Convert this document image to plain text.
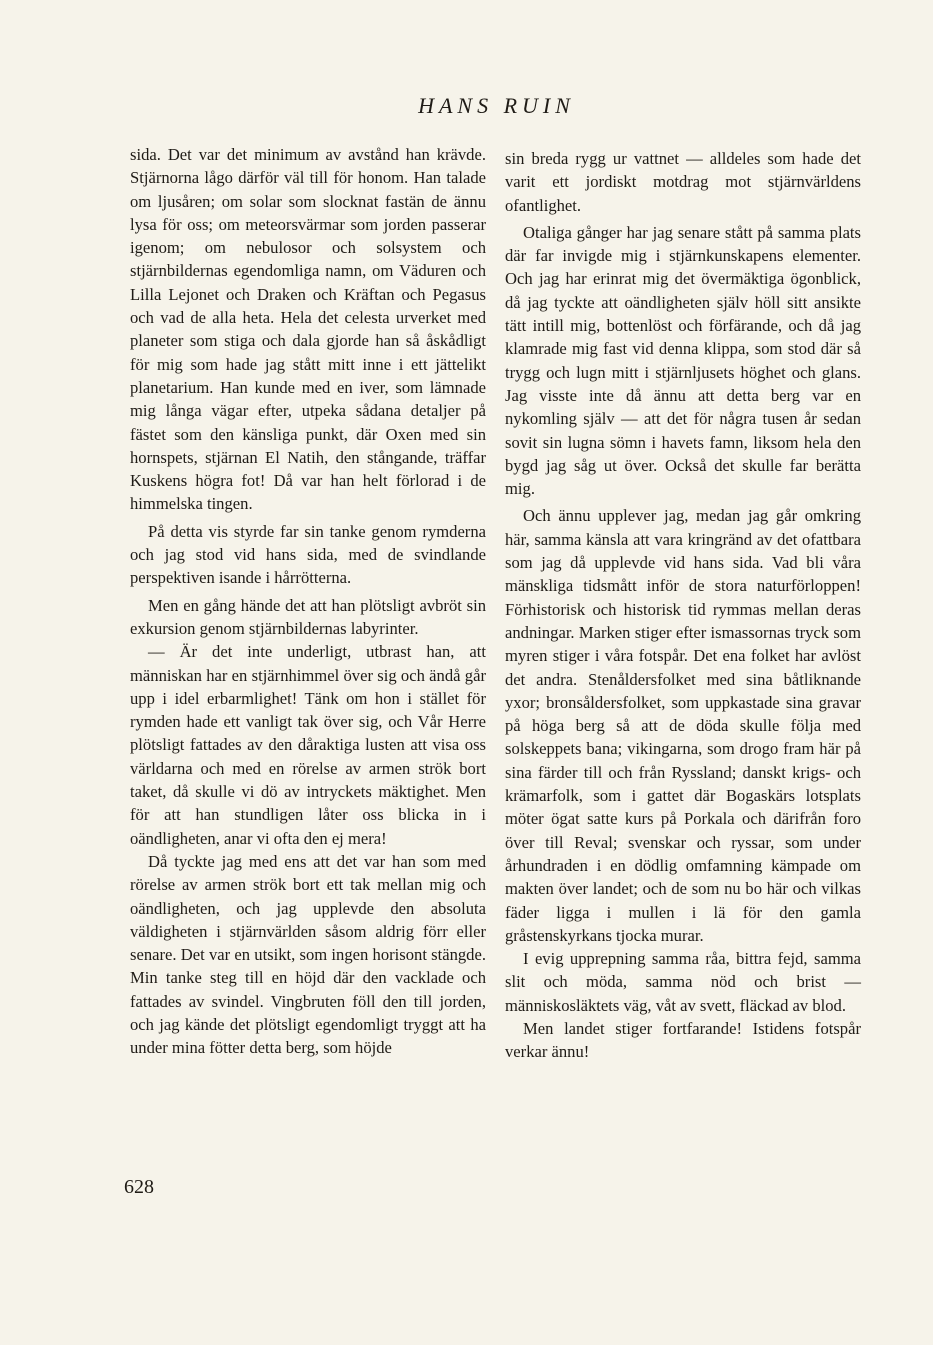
HANS RUIN

sida. Det var det minimum av avstånd han krävde. Stjärnorna lågo därför väl till för honom. Han talade om ljusåren; om solar som slocknat fastän de ännu lysa för oss; om meteorsvärmar som jorden passerar igenom; om nebulosor och solsystem och stjärnbildernas egendomliga namn, om Väduren och Lilla Lejonet och Draken och Kräftan och Pegasus och vad de alla heta. Hela det celesta urverket med planeter som stiga och dala gjorde han så åskådligt för mig som hade jag stått mitt inne i ett jättelikt planetarium. Han kunde med en iver, som lämnade mig långa vägar efter, utpeka sådana detaljer på fästet som den känsliga punkt, där Oxen med sin hornspets, stjärnan El Natih, den stångande, träffar Kuskens högra fot! Då var han helt förlorad i de himmelska tingen.

På detta vis styrde far sin tanke genom rymderna och jag stod vid hans sida, med de svindlande perspektiven isande i hårrötterna.

Men en gång hände det att han plötsligt avbröt sin exkursion genom stjärnbildernas labyrinter.

— Är det inte underligt, utbrast han, att människan har en stjärnhimmel över sig och ändå går upp i idel erbarmlighet! Tänk om hon i stället för rymden hade ett vanligt tak över sig, och Vår Herre plötsligt fattades av den dåraktiga lusten att visa oss världarna och med en rörelse av armen strök bort taket, då skulle vi dö av intryckets mäktighet. Men för att han stundligen låter oss blicka in i oändligheten, anar vi ofta den ej mera!

Då tyckte jag med ens att det var han som med rörelse av armen strök bort ett tak mellan mig och oändligheten, och jag upplevde den absoluta väldigheten i stjärnvärlden såsom aldrig förr eller senare. Det var en utsikt, som ingen horisont stängde. Min tanke steg till en höjd där den vacklade och fattades av svindel. Vingbruten föll den till jorden, och jag kände det plötsligt egendomligt tryggt att ha under mina fötter detta berg, som höjde

sin breda rygg ur vattnet — alldeles som hade det varit ett jordiskt motdrag mot stjärnvärldens ofantlighet.

Otaliga gånger har jag senare stått på samma plats där far invigde mig i stjärnkunskapens elementer. Och jag har erinrat mig det övermäktiga ögonblick, då jag tyckte att oändligheten själv höll sitt ansikte tätt intill mig, bottenlöst och förfärande, och då jag klamrade mig fast vid denna klippa, som stod där så trygg och lugn mitt i stjärnljusets höghet och glans. Jag visste inte då ännu att detta berg var en nykomling själv — att det för några tusen år sedan sovit sin lugna sömn i havets famn, liksom hela den bygd jag såg ut över. Också det skulle far berätta mig.

Och ännu upplever jag, medan jag går omkring här, samma känsla att vara kringränd av det ofattbara som jag då upplevde vid hans sida. Vad bli våra mänskliga tidsmått inför de stora naturförloppen! Förhistorisk och historisk tid rymmas mellan deras andningar. Marken stiger efter ismassornas tryck som myren stiger i våra fotspår. Det ena folket har avlöst det andra. Stenåldersfolket med sina båtliknande yxor; bronsåldersfolket, som uppkastade sina gravar på höga berg så att de döda skulle följa med solskeppets bana; vikingarna, som drogo fram här på sina färder till och från Ryssland; danskt krigs- och krämarfolk, som i gattet där Bogaskärs lotsplats möter ögat satte kurs på Porkala och därifrån foro över till Reval; svenskar och ryssar, som under århundraden i en dödlig omfamning kämpade om makten över landet; och de som nu bo här och vilkas fäder ligga i mullen i lä för den gamla gråstenskyrkans tjocka murar.

I evig upprepning samma råa, bittra fejd, samma slit och möda, samma nöd och brist — människosläktets väg, våt av svett, fläckad av blod.

Men landet stiger fortfarande! Istidens fotspår verkar ännu!

628
